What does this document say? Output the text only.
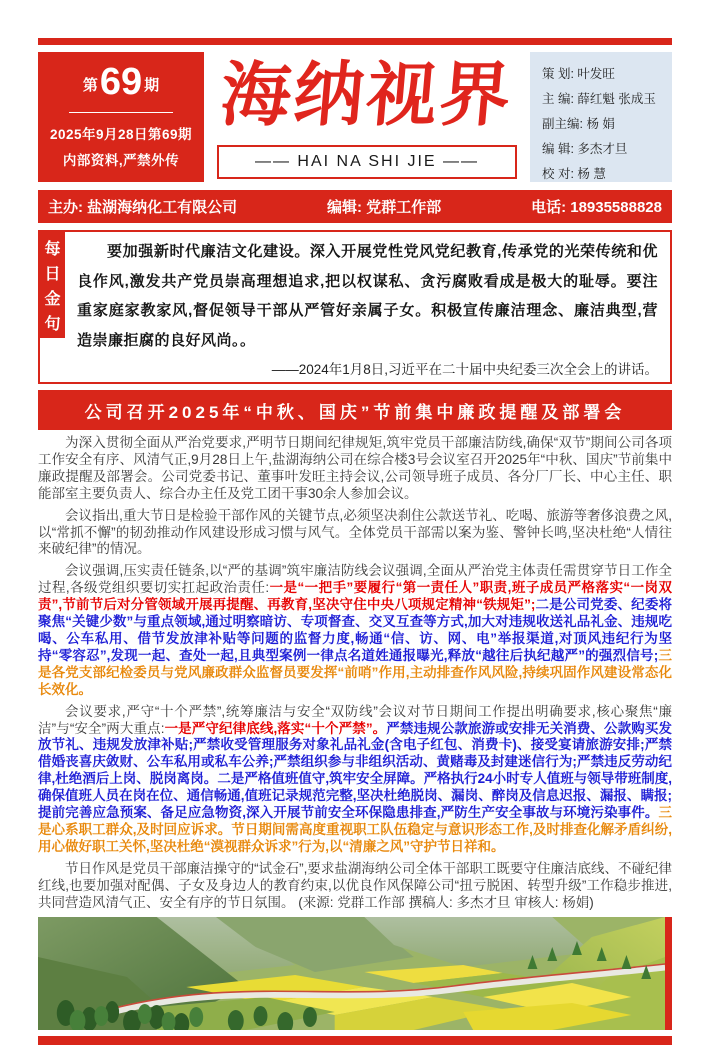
第69 期
2025年9月28日第69期
内部资料,严禁外传
海纳视界
—— HAI NA SHI JIE ——
策 划: 叶发旺
主 编: 薛红魁 张成玉
副主编: 杨 娟
编 辑: 多杰才旦
校 对: 杨 慧
主办: 盐湖海纳化工有限公司	编辑: 党群工作部	电话: 18935588828
每
日
金
句

要加强新时代廉洁文化建设。深入开展党性党风党纪教育,传承党的光荣传统和优良作风,激发共产党员崇高理想追求,把以权谋私、贪污腐败看成是极大的耻辱。要注重家庭家教家风,督促领导干部从严管好亲属子女。积极宣传廉洁理念、廉洁典型,营造崇廉拒腐的良好风尚。。

——2024年1月8日,习近平在二十届中央纪委三次全会上的讲话。

公司召开2025年“中秋、国庆”节前集中廉政提醒及部署会

为深入贯彻全面从严治党要求,严明节日期间纪律规矩,筑牢党员干部廉洁防线,确保“双节”期间公司各项工作安全有序、风清气正,9月28日上午,盐湖海纳公司在综合楼3号会议室召开2025年“中秋、国庆”节前集中廉政提醒及部署会。公司党委书记、董事叶发旺主持会议,公司领导班子成员、各分厂厂长、中心主任、职能部室主要负责人、综合办主任及党工团干事30余人参加会议。

会议指出,重大节日是检验干部作风的关键节点,必须坚决刹住公款送节礼、吃喝、旅游等奢侈浪费之风,以“常抓不懈”的韧劲推动作风建设形成习惯与风气。全体党员干部需以案为鉴、警钟长鸣,坚决杜绝“人情往来破纪律”的情况。

会议强调,压实责任链条,以“严的基调”筑牢廉洁防线会议强调,全面从严治党主体责任需贯穿节日工作全过程,各级党组织要切实扛起政治责任:一是“一把手”要履行“第一责任人”职责,班子成员严格落实“一岗双责”,节前节后对分管领域开展再提醒、再教育,坚决守住中央八项规定精神“铁规矩”;二是公司党委、纪委将聚焦“关键少数”与重点领域,通过明察暗访、专项督查、交叉互查等方式,加大对违规收送礼品礼金、违规吃喝、公车私用、借节发放津补贴等问题的监督力度,畅通“信、访、网、电”举报渠道,对顶风违纪行为坚持“零容忍”,发现一起、查处一起,且典型案例一律点名道姓通报曝光,释放“越往后执纪越严”的强烈信号;三是各党支部纪检委员与党风廉政群众监督员要发挥“前哨”作用,主动排查作风风险,持续巩固作风建设常态化长效化。

会议要求,严守“十个严禁”,统筹廉洁与安全“双防线”会议对节日期间工作提出明确要求,核心聚焦“廉洁”与“安全”两大重点:一是严守纪律底线,落实“十个严禁”。严禁违规公款旅游或安排无关消费、公款购买发放节礼、违规发放津补贴;严禁收受管理服务对象礼品礼金(含电子红包、消费卡)、接受宴请旅游安排;严禁借婚丧喜庆敛财、公车私用或私车公养;严禁组织参与非组织活动、黄赌毒及封建迷信行为;严禁违反劳动纪律,杜绝酒后上岗、脱岗离岗。二是严格值班值守,筑牢安全屏障。严格执行24小时专人值班与领导带班制度,确保值班人员在岗在位、通信畅通,值班记录规范完整,坚决杜绝脱岗、漏岗、醉岗及信息迟报、漏报、瞒报;提前完善应急预案、备足应急物资,深入开展节前安全环保隐患排查,严防生产安全事故与环境污染事件。三是心系职工群众,及时回应诉求。节日期间需高度重视职工队伍稳定与意识形态工作,及时排查化解矛盾纠纷,用心做好职工关怀,坚决杜绝“漠视群众诉求”行为,以“清廉之风”守护节日祥和。

节日作风是党员干部廉洁操守的“试金石”,要求盐湖海纳公司全体干部职工既要守住廉洁底线、不碰纪律红线,也要加强对配偶、子女及身边人的教育约束,以优良作风保障公司“扭亏脱困、转型升级”工作稳步推进,共同营造风清气正、安全有序的节日氛围。 (来源: 党群工作部 撰稿人: 多杰才旦 审核人: 杨娟)
